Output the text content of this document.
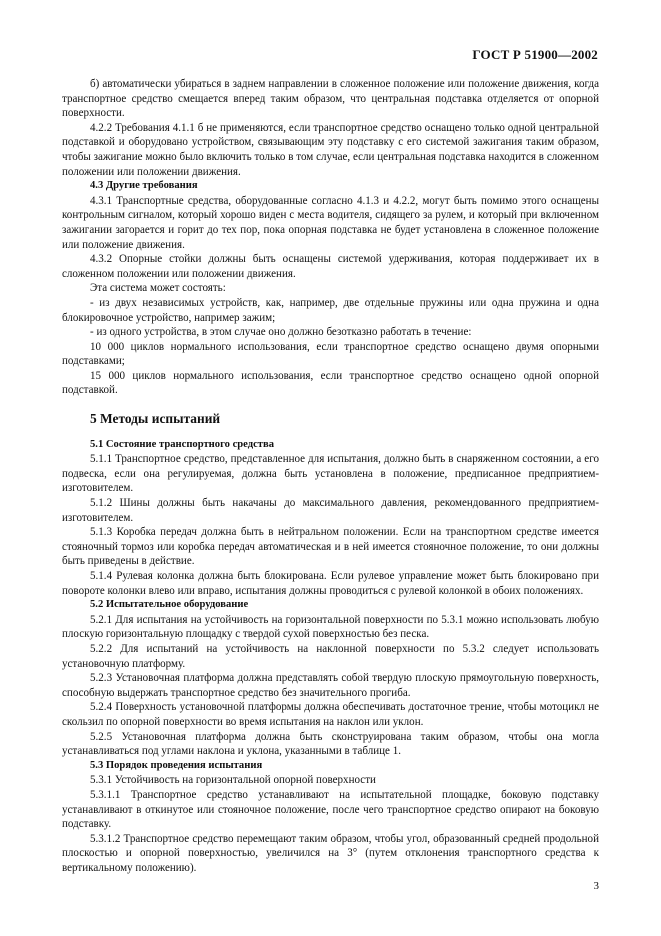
ГОСТ Р 51900—2002

б) автоматически убираться в заднем направлении в сложенное положение или положение движения, когда транспортное средство смещается вперед таким образом, что центральная подставка отделяется от опорной поверхности.

4.2.2 Требования 4.1.1 б не применяются, если транспортное средство оснащено только одной центральной подставкой и оборудовано устройством, связывающим эту подставку с его системой зажигания таким образом, чтобы зажигание можно было включить только в том случае, если центральная подставка находится в сложенном положении или положении движения.

4.3 Другие требования

4.3.1 Транспортные средства, оборудованные согласно 4.1.3 и 4.2.2, могут быть помимо этого оснащены контрольным сигналом, который хорошо виден с места водителя, сидящего за рулем, и который при включенном зажигании загорается и горит до тех пор, пока опорная подставка не будет установлена в сложенное положение или положение движения.

4.3.2 Опорные стойки должны быть оснащены системой удерживания, которая поддерживает их в сложенном положении или положении движения.

Эта система может состоять:

- из двух независимых устройств, как, например, две отдельные пружины или одна пружина и одна блокировочное устройство, например зажим;

- из одного устройства, в этом случае оно должно безотказно работать в течение:

10 000 циклов нормального использования, если транспортное средство оснащено двумя опорными подставками;

15 000 циклов нормального использования, если транспортное средство оснащено одной опорной подставкой.

5 Методы испытаний

5.1 Состояние транспортного средства

5.1.1 Транспортное средство, представленное для испытания, должно быть в снаряженном состоянии, а его подвеска, если она регулируемая, должна быть установлена в положение, предписанное предприятием-изготовителем.

5.1.2 Шины должны быть накачаны до максимального давления, рекомендованного предприятием-изготовителем.

5.1.3 Коробка передач должна быть в нейтральном положении. Если на транспортном средстве имеется стояночный тормоз или коробка передач автоматическая и в ней имеется стояночное положение, то они должны быть приведены в действие.

5.1.4 Рулевая колонка должна быть блокирована. Если рулевое управление может быть блокировано при повороте колонки влево или вправо, испытания должны проводиться с рулевой колонкой в обоих положениях.

5.2 Испытательное оборудование

5.2.1 Для испытания на устойчивость на горизонтальной поверхности по 5.3.1 можно использовать любую плоскую горизонтальную площадку с твердой сухой поверхностью без песка.

5.2.2 Для испытаний на устойчивость на наклонной поверхности по 5.3.2 следует использовать установочную платформу.

5.2.3 Установочная платформа должна представлять собой твердую плоскую прямоугольную поверхность, способную выдержать транспортное средство без значительного прогиба.

5.2.4 Поверхность установочной платформы должна обеспечивать достаточное трение, чтобы мотоцикл не скользил по опорной поверхности во время испытания на наклон или уклон.

5.2.5 Установочная платформа должна быть сконструирована таким образом, чтобы она могла устанавливаться под углами наклона и уклона, указанными в таблице 1.

5.3 Порядок проведения испытания

5.3.1 Устойчивость на горизонтальной опорной поверхности

5.3.1.1 Транспортное средство устанавливают на испытательной площадке, боковую подставку устанавливают в откинутое или стояночное положение, после чего транспортное средство опирают на боковую подставку.

5.3.1.2 Транспортное средство перемещают таким образом, чтобы угол, образованный средней продольной плоскостью и опорной поверхностью, увеличился на 3° (путем отклонения транспортного средства к вертикальному положению).

3
